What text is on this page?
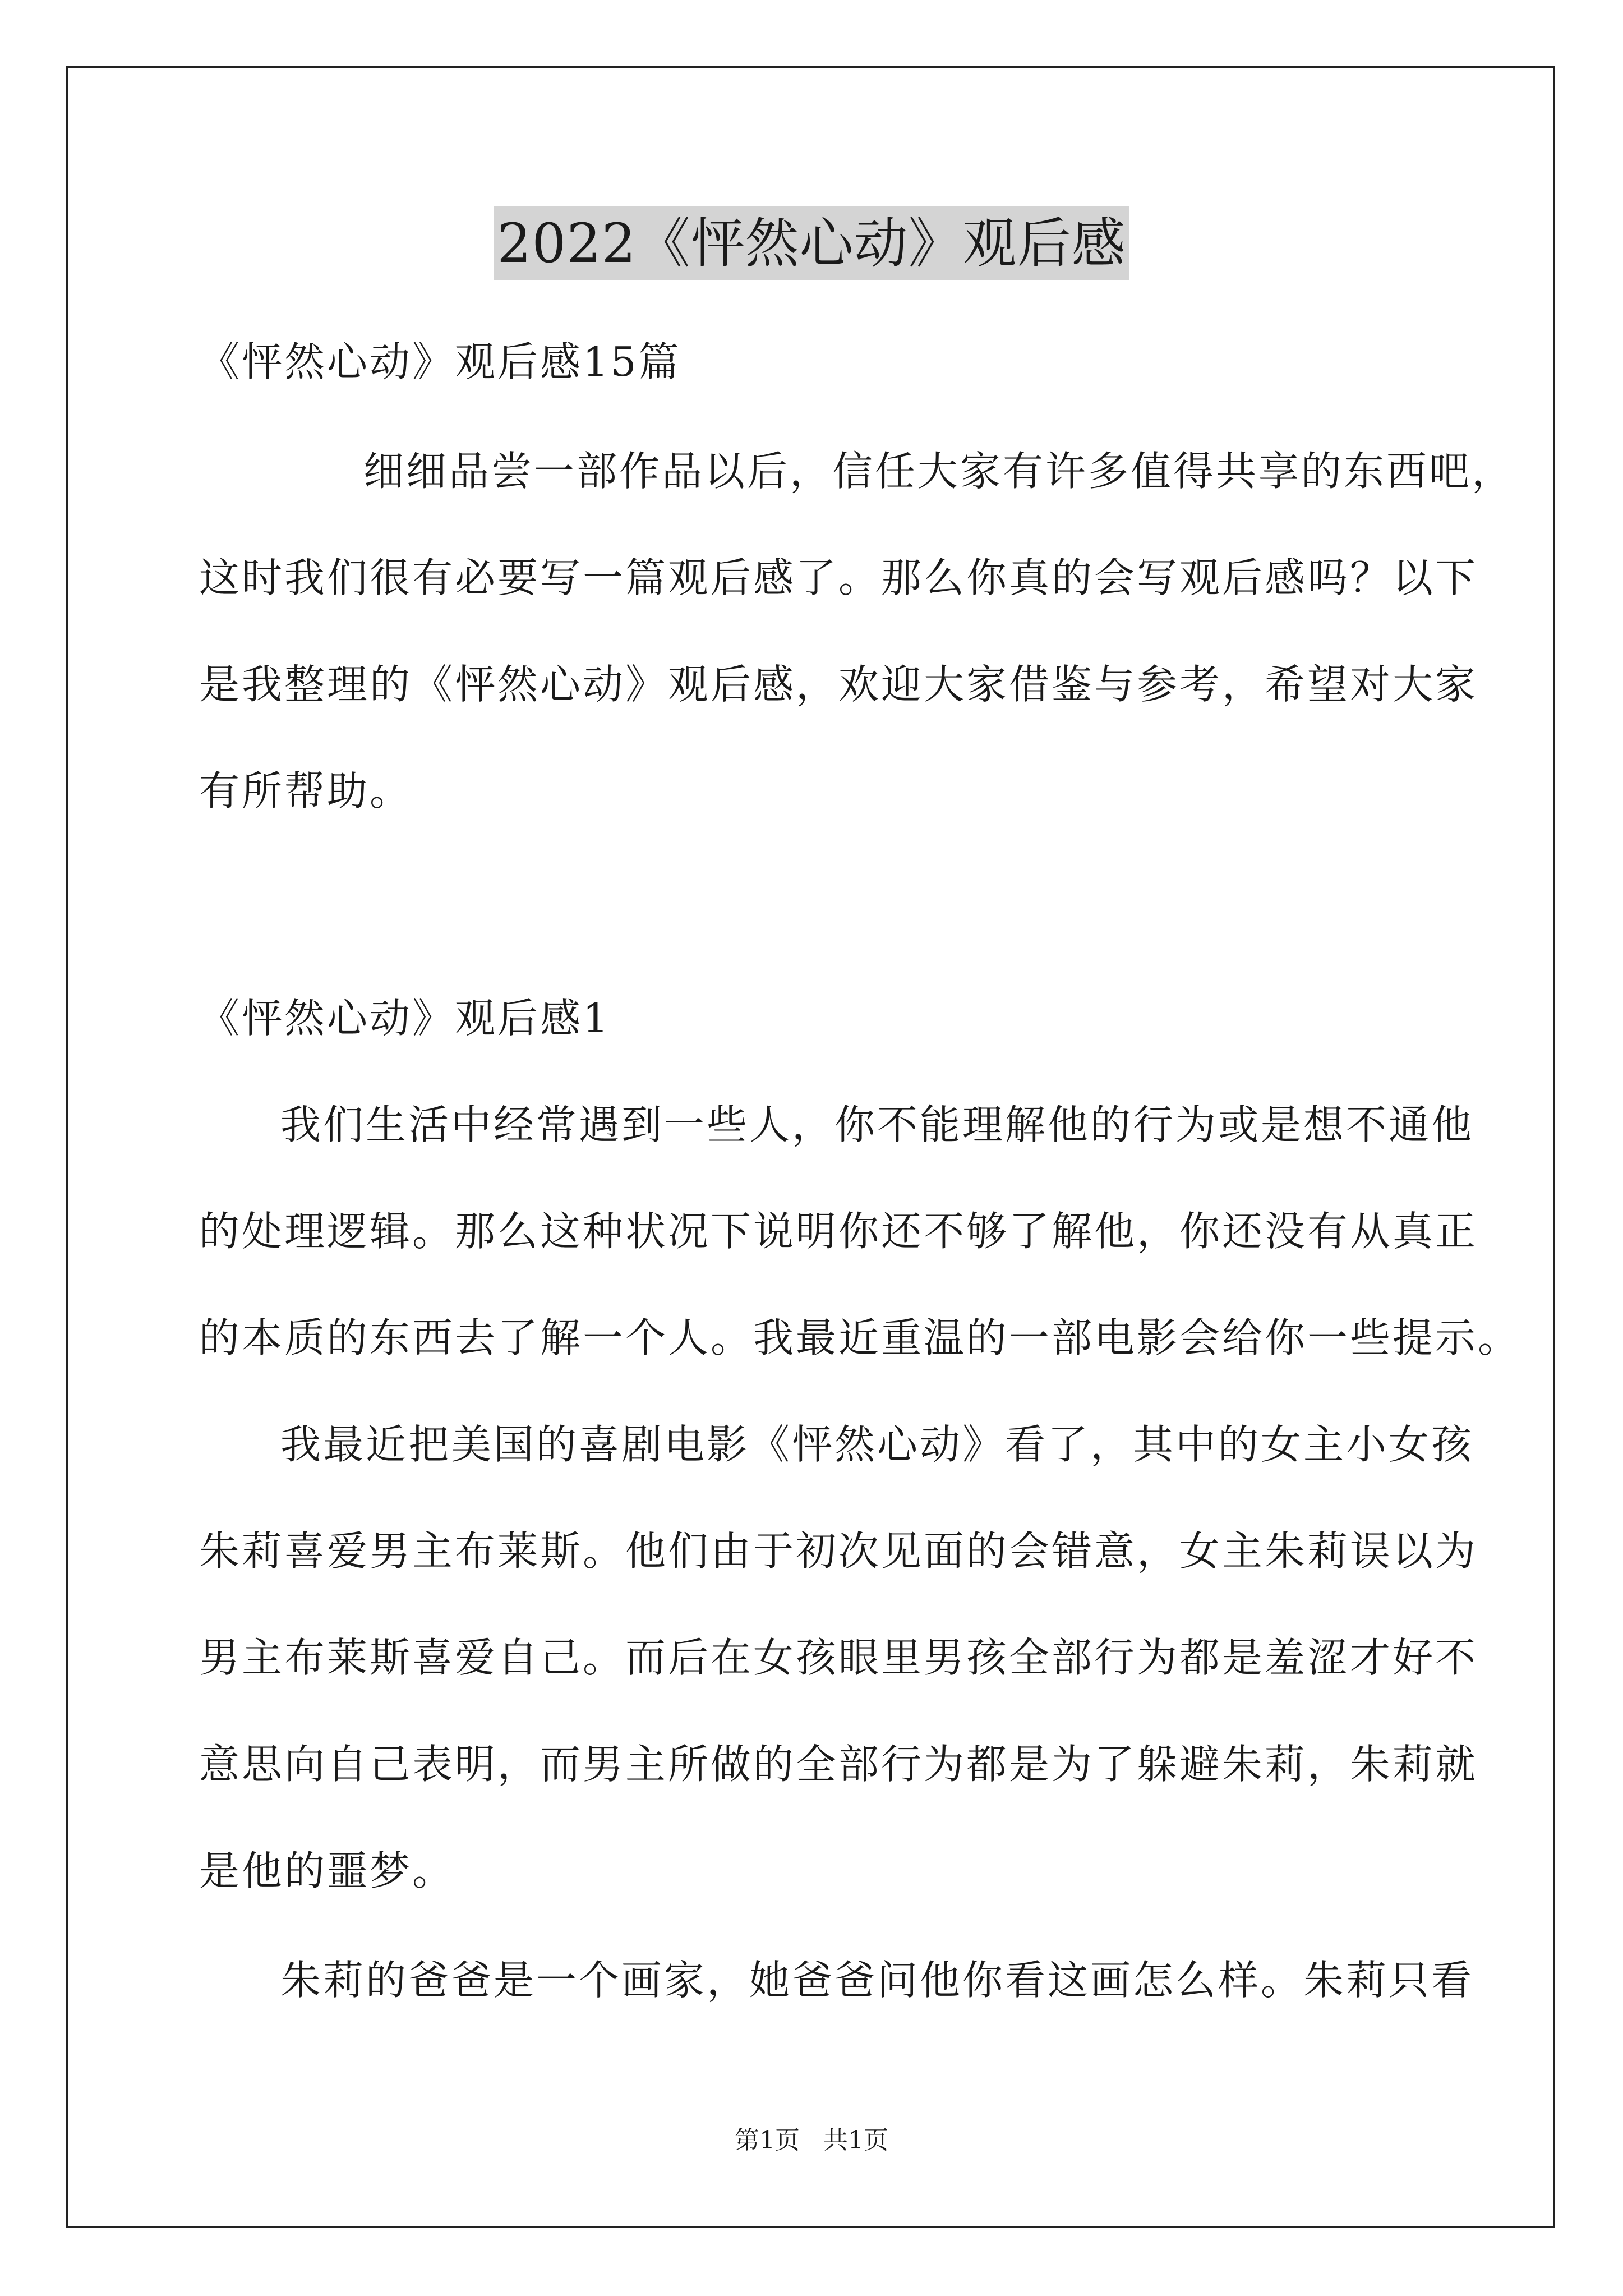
2022《怦然心动》观后感
《怦然心动》观后感15篇
细细品尝一部作品以后，信任大家有许多值得共享的东西吧，
这时我们很有必要写一篇观后感了。那么你真的会写观后感吗？以下
是我整理的《怦然心动》观后感，欢迎大家借鉴与参考，希望对大家
有所帮助。
《怦然心动》观后感1
我们生活中经常遇到一些人，你不能理解他的行为或是想不通他
的处理逻辑。那么这种状况下说明你还不够了解他，你还没有从真正
的本质的东西去了解一个人。我最近重温的一部电影会给你一些提示。
我最近把美国的喜剧电影《怦然心动》看了，其中的女主小女孩
朱莉喜爱男主布莱斯。他们由于初次见面的会错意，女主朱莉误以为
男主布莱斯喜爱自己。而后在女孩眼里男孩全部行为都是羞涩才好不
意思向自己表明，而男主所做的全部行为都是为了躲避朱莉，朱莉就
是他的噩梦。
朱莉的爸爸是一个画家，她爸爸问他你看这画怎么样。朱莉只看
第1页 共1页
